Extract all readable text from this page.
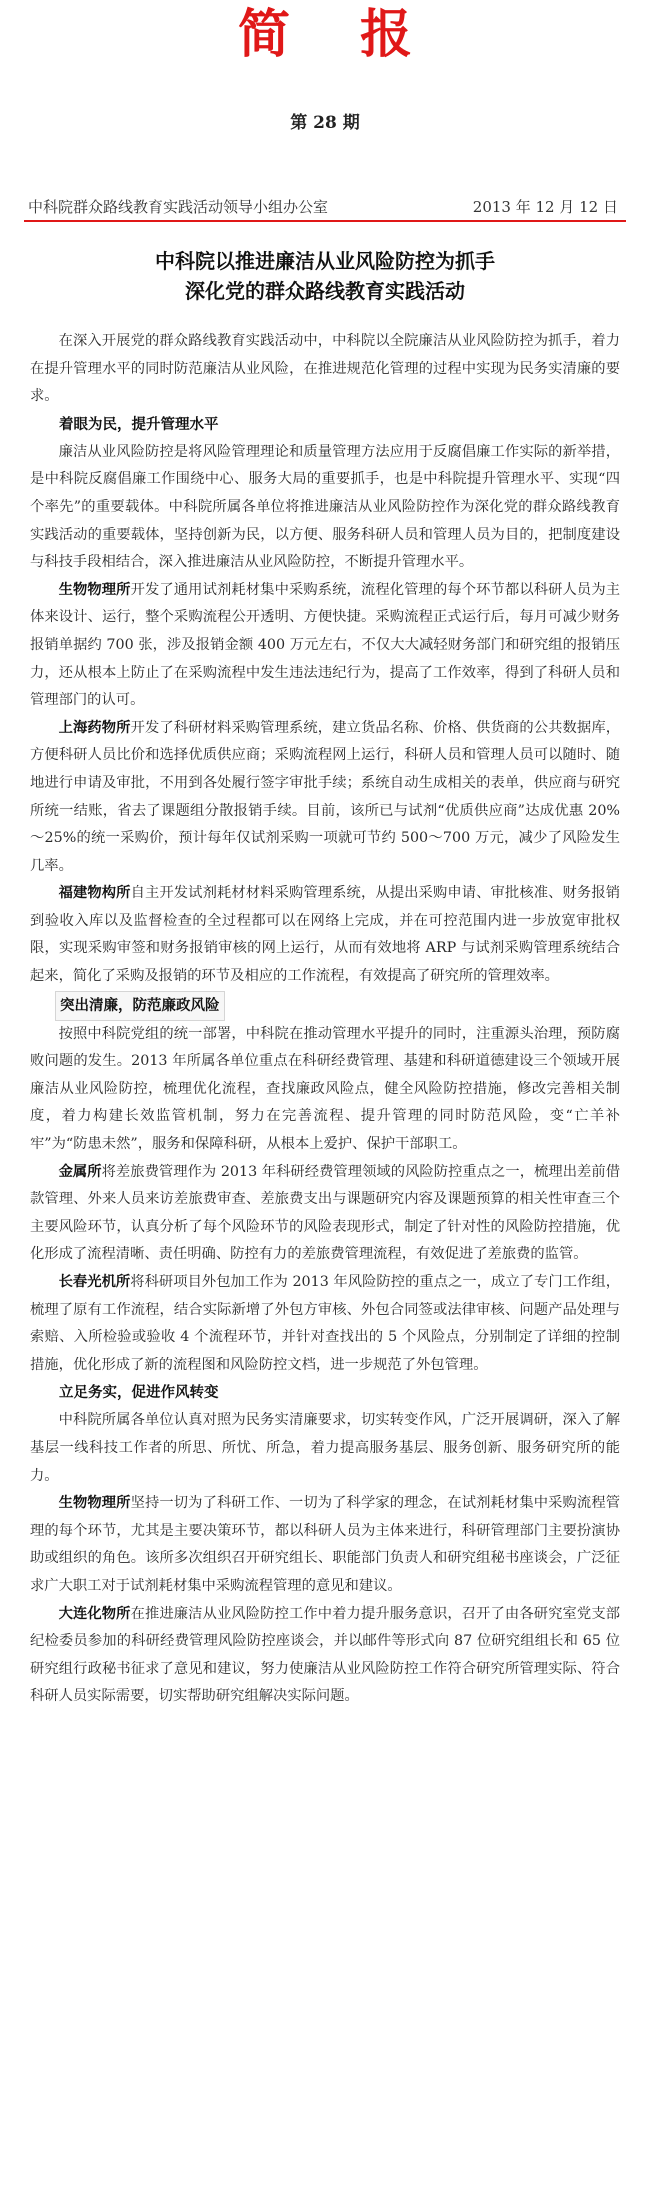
简报
第 28 期
中科院群众路线教育实践活动领导小组办公室	2013 年 12 月 12 日
中科院以推进廉洁从业风险防控为抓手
深化党的群众路线教育实践活动

在深入开展党的群众路线教育实践活动中，中科院以全院廉洁从业风险防控为抓手，着力在提升管理水平的同时防范廉洁从业风险，在推进规范化管理的过程中实现为民务实清廉的要求。

着眼为民，提升管理水平

廉洁从业风险防控是将风险管理理论和质量管理方法应用于反腐倡廉工作实际的新举措，是中科院反腐倡廉工作围绕中心、服务大局的重要抓手，也是中科院提升管理水平、实现“四个率先”的重要载体。中科院所属各单位将推进廉洁从业风险防控作为深化党的群众路线教育实践活动的重要载体，坚持创新为民，以方便、服务科研人员和管理人员为目的，把制度建设与科技手段相结合，深入推进廉洁从业风险防控，不断提升管理水平。

生物物理所开发了通用试剂耗材集中采购系统，流程化管理的每个环节都以科研人员为主体来设计、运行，整个采购流程公开透明、方便快捷。采购流程正式运行后，每月可减少财务报销单据约 700 张，涉及报销金额 400 万元左右，不仅大大减轻财务部门和研究组的报销压力，还从根本上防止了在采购流程中发生违法违纪行为，提高了工作效率，得到了科研人员和管理部门的认可。

上海药物所开发了科研材料采购管理系统，建立货品名称、价格、供货商的公共数据库，方便科研人员比价和选择优质供应商；采购流程网上运行，科研人员和管理人员可以随时、随地进行申请及审批，不用到各处履行签字审批手续；系统自动生成相关的表单，供应商与研究所统一结账，省去了课题组分散报销手续。目前，该所已与试剂“优质供应商”达成优惠 20%～25%的统一采购价，预计每年仅试剂采购一项就可节约 500～700 万元，减少了风险发生几率。

福建物构所自主开发试剂耗材材料采购管理系统，从提出采购申请、审批核准、财务报销到验收入库以及监督检查的全过程都可以在网络上完成，并在可控范围内进一步放宽审批权限，实现采购审签和财务报销审核的网上运行，从而有效地将 ARP 与试剂采购管理系统结合起来，简化了采购及报销的环节及相应的工作流程，有效提高了研究所的管理效率。

突出清廉，防范廉政风险

按照中科院党组的统一部署，中科院在推动管理水平提升的同时，注重源头治理，预防腐败问题的发生。2013 年所属各单位重点在科研经费管理、基建和科研道德建设三个领域开展廉洁从业风险防控，梳理优化流程，查找廉政风险点，健全风险防控措施，修改完善相关制度，着力构建长效监管机制，努力在完善流程、提升管理的同时防范风险，变“亡羊补牢”为“防患未然”，服务和保障科研，从根本上爱护、保护干部职工。

金属所将差旅费管理作为 2013 年科研经费管理领域的风险防控重点之一，梳理出差前借款管理、外来人员来访差旅费审查、差旅费支出与课题研究内容及课题预算的相关性审查三个主要风险环节，认真分析了每个风险环节的风险表现形式，制定了针对性的风险防控措施，优化形成了流程清晰、责任明确、防控有力的差旅费管理流程，有效促进了差旅费的监管。

长春光机所将科研项目外包加工作为 2013 年风险防控的重点之一，成立了专门工作组，梳理了原有工作流程，结合实际新增了外包方审核、外包合同签或法律审核、问题产品处理与索赔、入所检验或验收 4 个流程环节，并针对查找出的 5 个风险点，分别制定了详细的控制措施，优化形成了新的流程图和风险防控文档，进一步规范了外包管理。

立足务实，促进作风转变

中科院所属各单位认真对照为民务实清廉要求，切实转变作风，广泛开展调研，深入了解基层一线科技工作者的所思、所忧、所急，着力提高服务基层、服务创新、服务研究所的能力。

生物物理所坚持一切为了科研工作、一切为了科学家的理念，在试剂耗材集中采购流程管理的每个环节，尤其是主要决策环节，都以科研人员为主体来进行，科研管理部门主要扮演协助或组织的角色。该所多次组织召开研究组长、职能部门负责人和研究组秘书座谈会，广泛征求广大职工对于试剂耗材集中采购流程管理的意见和建议。

大连化物所在推进廉洁从业风险防控工作中着力提升服务意识，召开了由各研究室党支部纪检委员参加的科研经费管理风险防控座谈会，并以邮件等形式向 87 位研究组组长和 65 位研究组行政秘书征求了意见和建议，努力使廉洁从业风险防控工作符合研究所管理实际、符合科研人员实际需要，切实帮助研究组解决实际问题。
